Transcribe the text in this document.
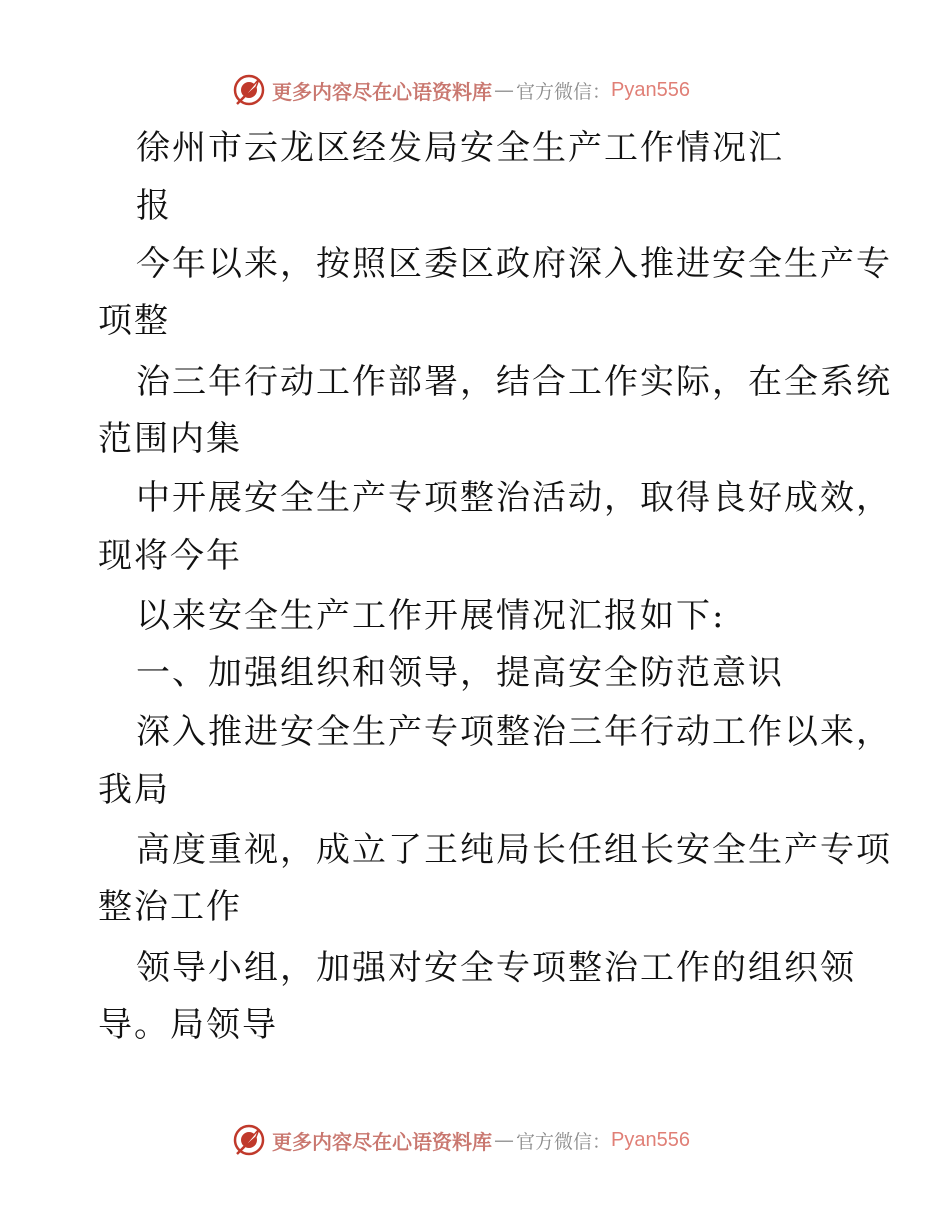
更多内容尽在心语资料库 — 官方微信： Pyan556
徐州市云龙区经发局安全生产工作情况汇
报
今年以来，按照区委区政府深入推进安全生产专
项整
治三年行动工作部署，结合工作实际，在全系统
范围内集
中开展安全生产专项整治活动，取得良好成效，
现将今年
以来安全生产工作开展情况汇报如下:
一、加强组织和领导，提高安全防范意识
深入推进安全生产专项整治三年行动工作以来，
我局
高度重视，成立了王纯局长任组长安全生产专项
整治工作
领导小组，加强对安全专项整治工作的组织领
导。局领导
更多内容尽在心语资料库 — 官方微信： Pyan556
